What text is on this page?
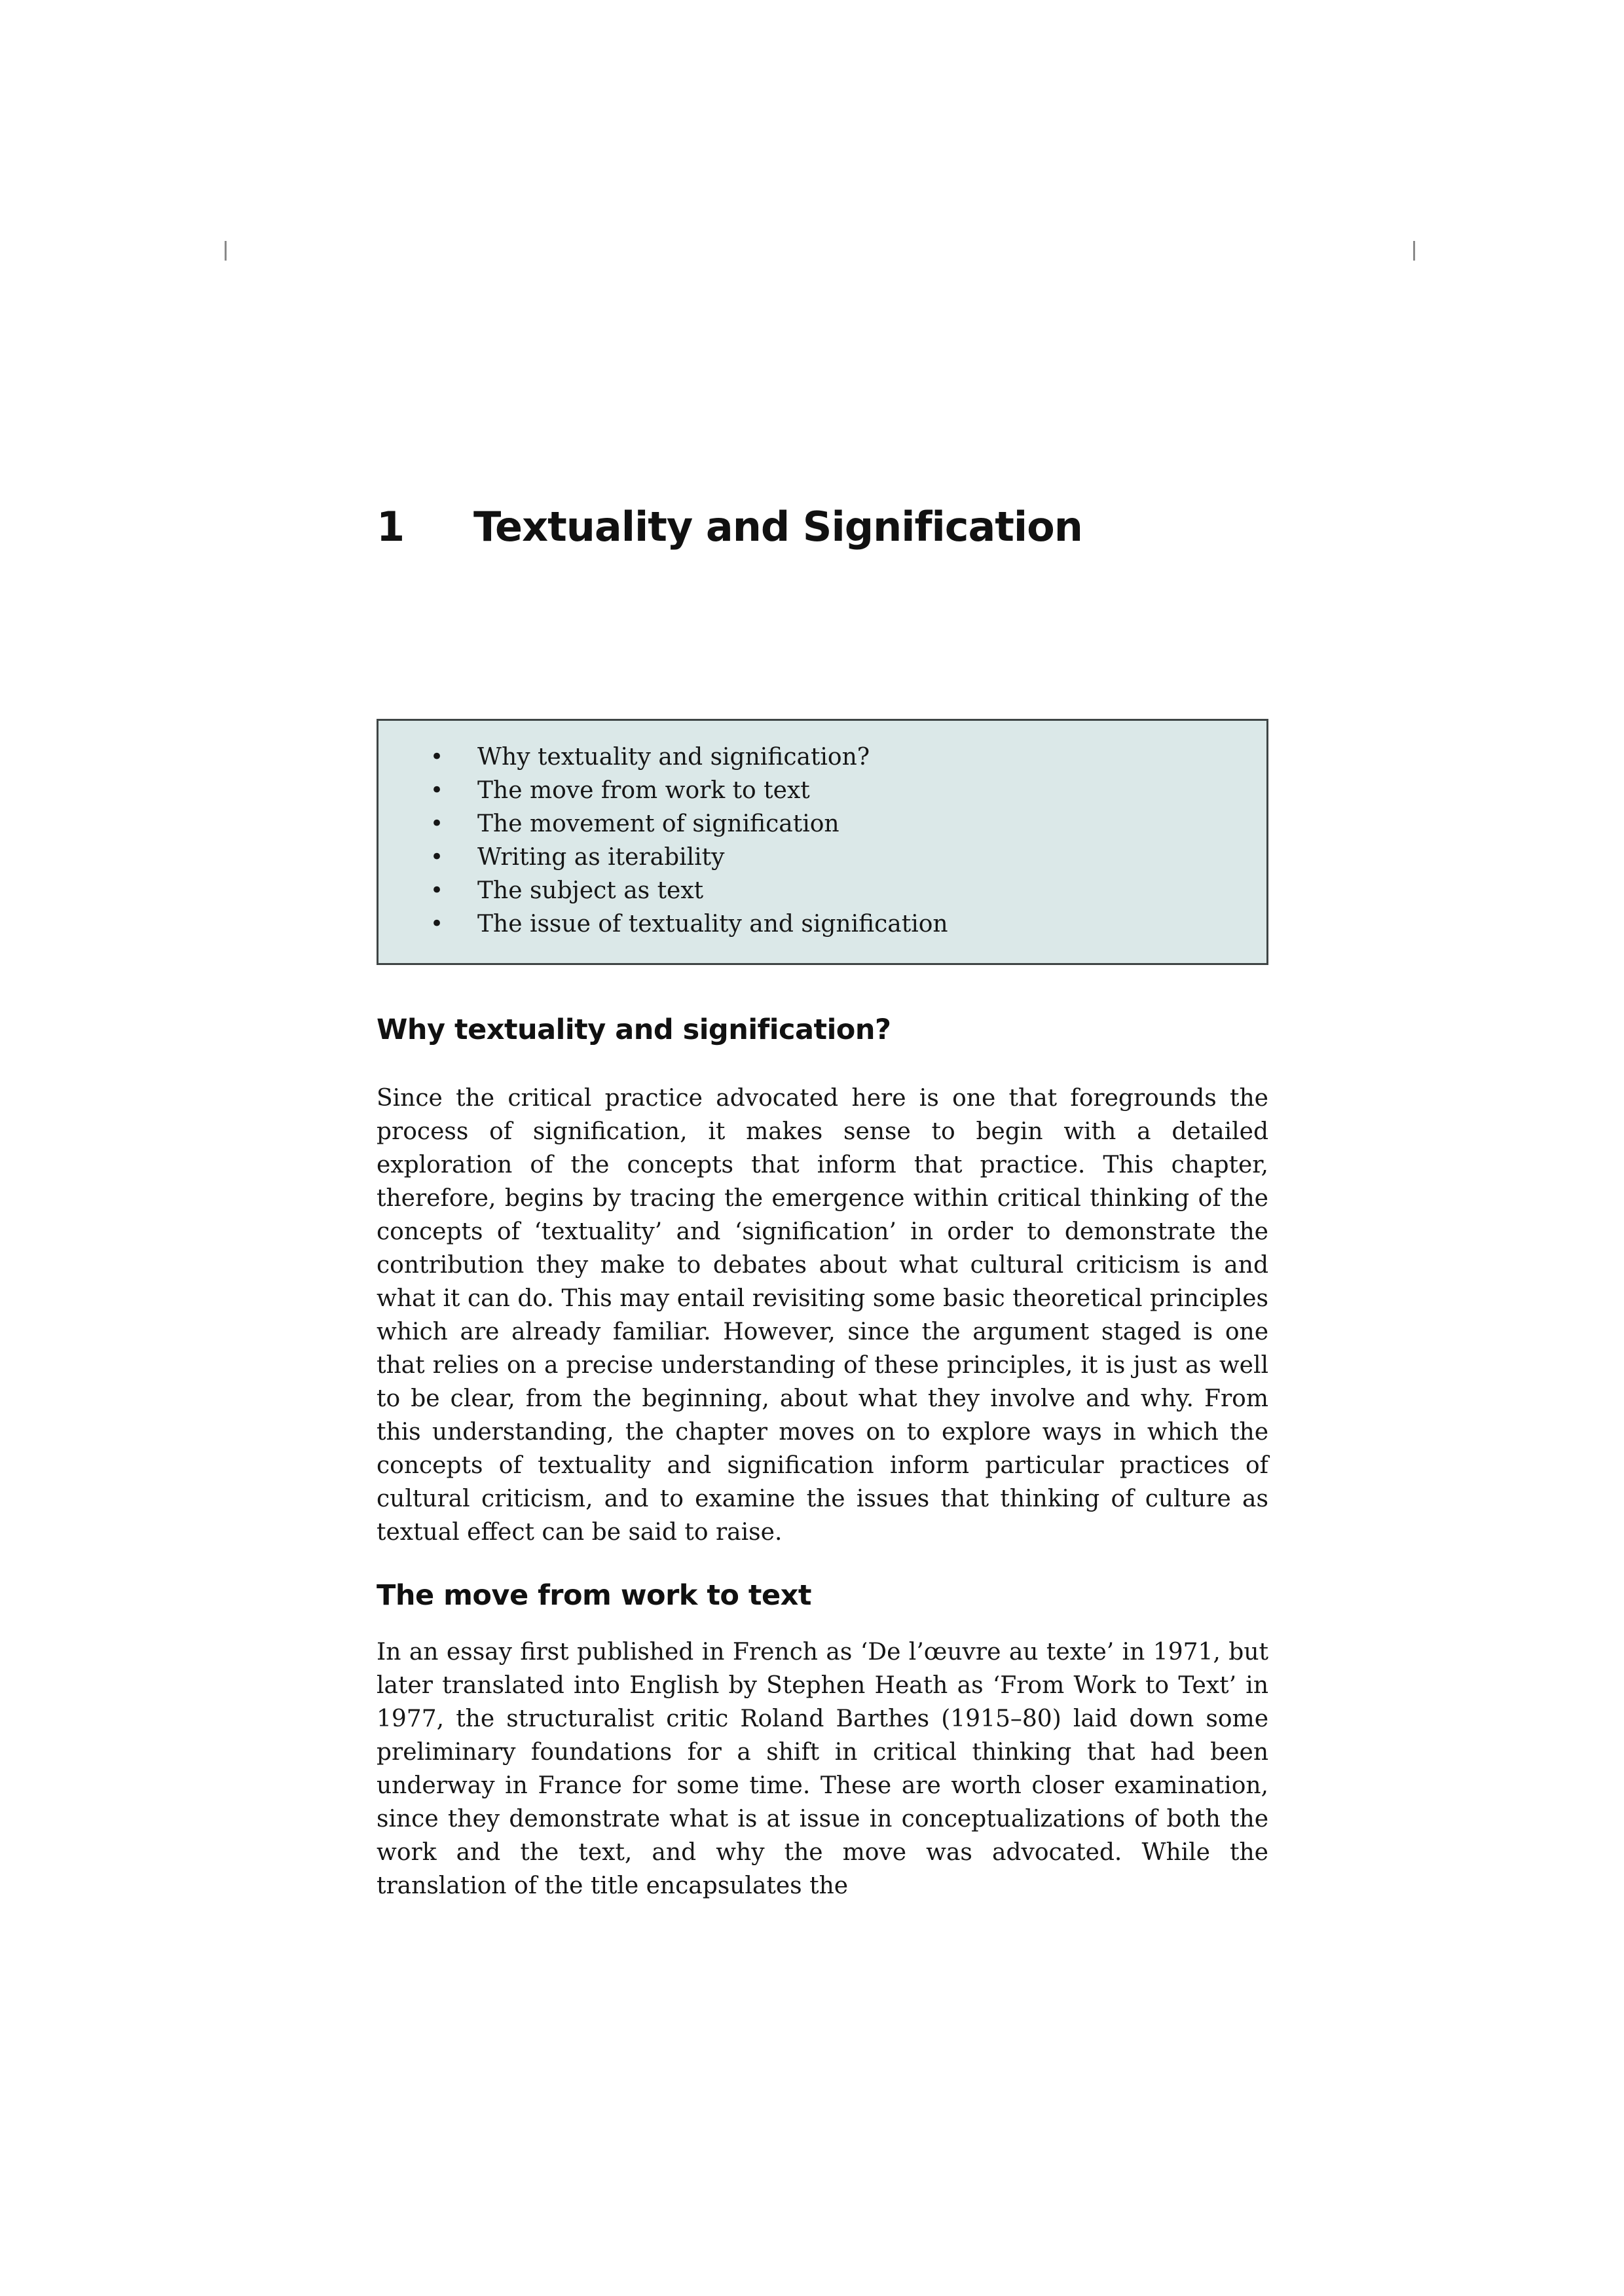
1	Textuality and Signification
• Why textuality and signification?
• The move from work to text
• The movement of signification
• Writing as iterability
• The subject as text
• The issue of textuality and signification
Why textuality and signification?

Since the critical practice advocated here is one that foregrounds the process of signification, it makes sense to begin with a detailed exploration of the concepts that inform that practice. This chapter, therefore, begins by tracing the emergence within critical thinking of the concepts of ‘textuality’ and ‘signification’ in order to demonstrate the contribution they make to debates about what cultural criticism is and what it can do. This may entail revisiting some basic theoretical principles which are already familiar. However, since the argument staged is one that relies on a precise understanding of these principles, it is just as well to be clear, from the beginning, about what they involve and why. From this understanding, the chapter moves on to explore ways in which the concepts of textuality and signification inform particular practices of cultural criticism, and to examine the issues that thinking of culture as textual effect can be said to raise.

The move from work to text

In an essay first published in French as ‘De l’œuvre au texte’ in 1971, but later translated into English by Stephen Heath as ‘From Work to Text’ in 1977, the structuralist critic Roland Barthes (1915–80) laid down some preliminary foundations for a shift in critical thinking that had been underway in France for some time. These are worth closer examination, since they demonstrate what is at issue in conceptualizations of both the work and the text, and why the move was advocated. While the translation of the title encapsulates the
